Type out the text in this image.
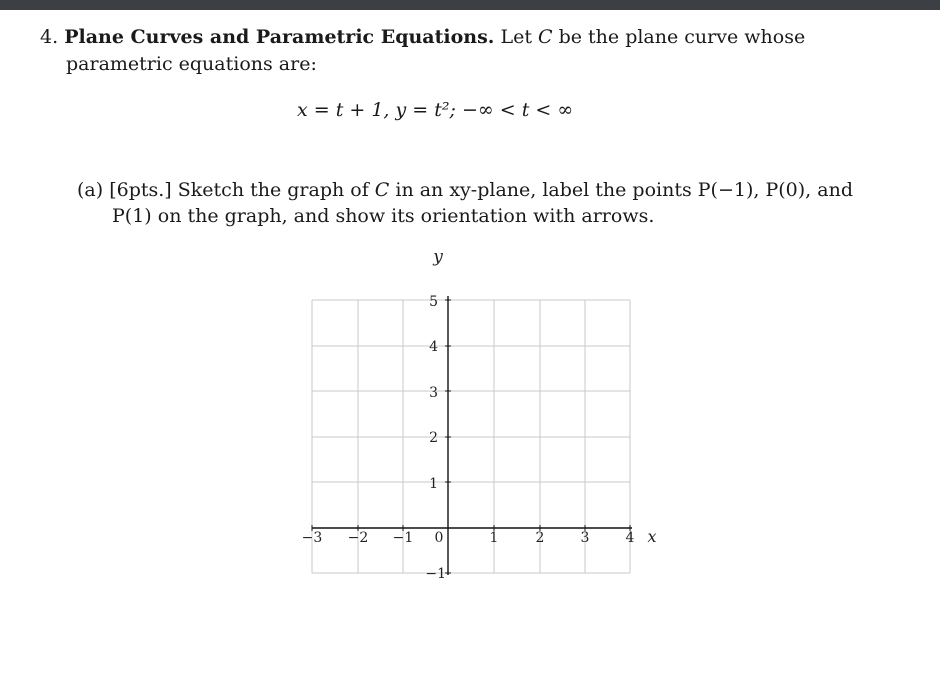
4. Plane Curves and Parametric Equations. Let C be the plane curve whose
parametric equations are:
x = t + 1, y = t²; −∞ < t < ∞
(a) [6pts.] Sketch the graph of C in an xy-plane, label the points P(−1), P(0), and
P(1) on the graph, and show its orientation with arrows.
5
4
3
2
1
−1
−3 −2 −1 0	1	2	3	4
y
x
